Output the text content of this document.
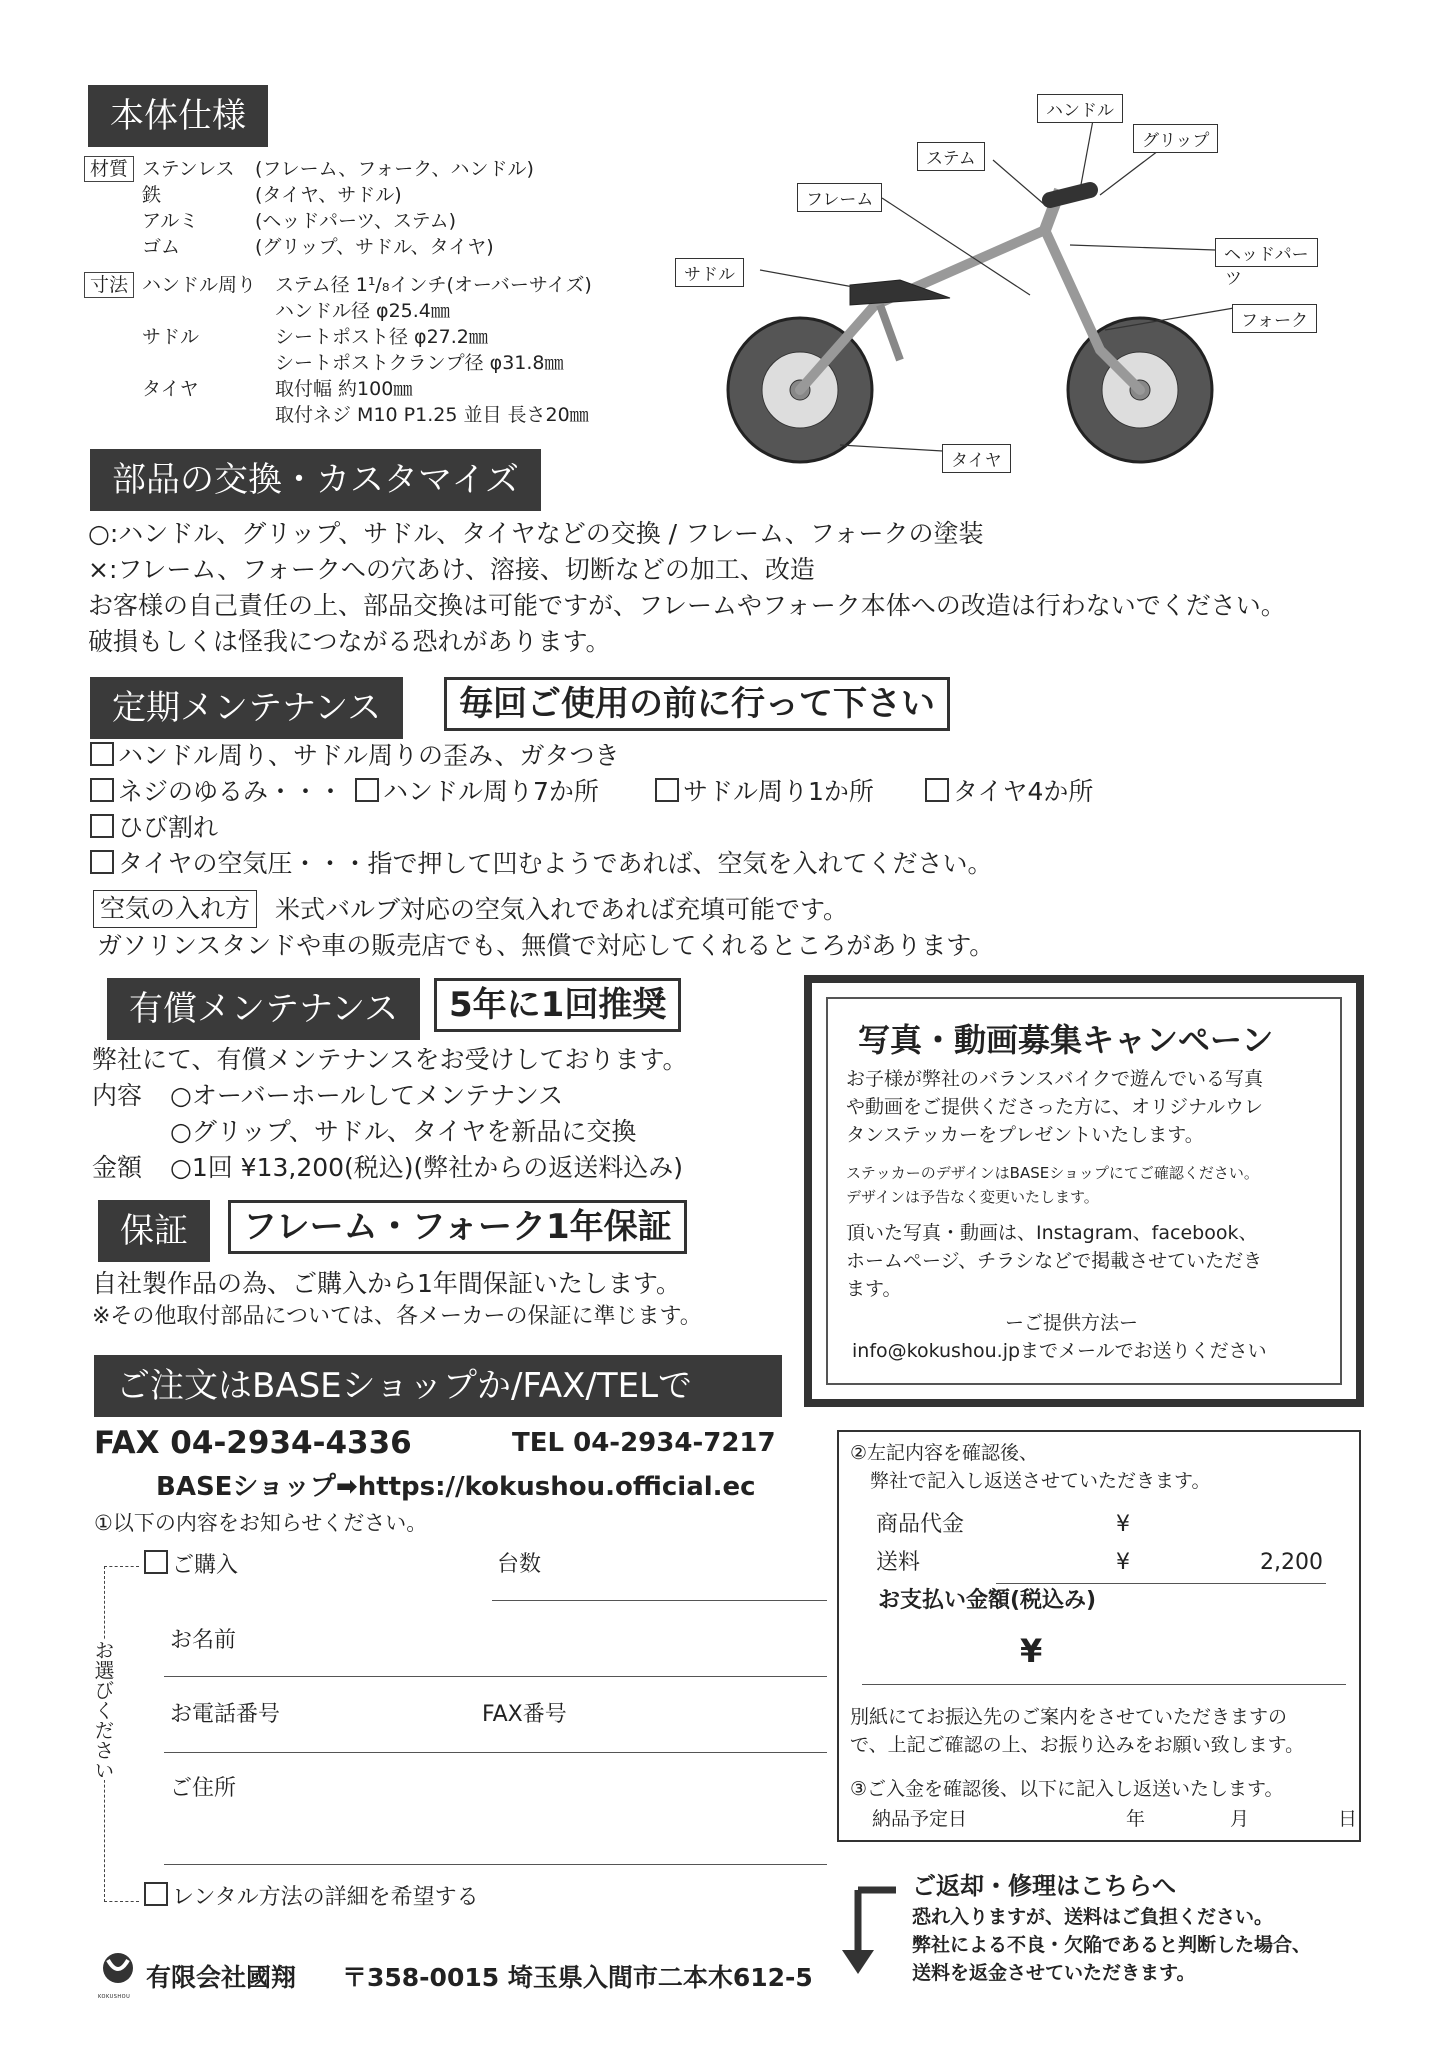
本体仕様
材質	ステンレス	(フレーム、フォーク、ハンドル)
	鉄	(タイヤ、サドル)
	アルミ	(ヘッドパーツ、ステム)
	ゴム	(グリップ、サドル、タイヤ)
寸法	ハンドル周り	ステム径 1¹/₈インチ(オーバーサイズ)
		ハンドル径 φ25.4㎜
	サドル	シートポスト径 φ27.2㎜
		シートポストクランプ径 φ31.8㎜
	タイヤ	取付幅 約100㎜
		取付ネジ M10 P1.25 並目 長さ20㎜
ハンドル
グリップ
ステム
フレーム
サドル
ヘッドパー
ツ
フォーク
タイヤ
部品の交換・カスタマイズ
○:ハンドル、グリップ、サドル、タイヤなどの交換 / フレーム、フォークの塗装
×:フレーム、フォークへの穴あけ、溶接、切断などの加工、改造
お客様の自己責任の上、部品交換は可能ですが、フレームやフォーク本体への改造は行わないでください。
破損もしくは怪我につながる恐れがあります。
定期メンテナンス	毎回ご使用の前に行って下さい
ハンドル周り、サドル周りの歪み、ガタつき
ネジのゆるみ・・・	ハンドル周り7か所	サドル周り1か所	タイヤ4か所
ひび割れ
タイヤの空気圧・・・指で押して凹むようであれば、空気を入れてください。
空気の入れ方 米式バルブ対応の空気入れであれば充填可能です。
ガソリンスタンドや車の販売店でも、無償で対応してくれるところがあります。
有償メンテナンス	5年に1回推奨
弊社にて、有償メンテナンスをお受けしております。
内容 ○オーバーホールしてメンテナンス
○グリップ、サドル、タイヤを新品に交換
金額 ○1回 ¥13,200(税込)(弊社からの返送料込み)
保証	フレーム・フォーク1年保証
自社製作品の為、ご購入から1年間保証いたします。
※その他取付部品については、各メーカーの保証に準じます。
写真・動画募集キャンペーン
お子様が弊社のバランスバイクで遊んでいる写真
や動画をご提供くださった方に、オリジナルウレ
タンステッカーをプレゼントいたします。
ステッカーのデザインはBASEショップにてご確認ください。
デザインは予告なく変更いたします。
頂いた写真・動画は、Instagram、facebook、
ホームページ、チラシなどで掲載させていただき
ます。
ーご提供方法ー
info@kokushou.jpまでメールでお送りください
ご注文はBASEショップか/FAX/TELで
FAX 04-2934-4336	TEL 04-2934-7217
BASEショップ➡https://kokushou.official.ec
①以下の内容をお知らせください。
お選びください
ご購入	台数
お名前
お電話番号	FAX番号
ご住所
レンタル方法の詳細を希望する
②左記内容を確認後、
弊社で記入し返送させていただきます。
商品代金	¥
送料	¥	2,200
お支払い金額(税込み)
¥
別紙にてお振込先のご案内をさせていただきますの
で、上記ご確認の上、お振り込みをお願い致します。
③ご入金を確認後、以下に記入し返送いたします。
納品予定日	年	月	日
ご返却・修理はこちらへ
恐れ入りますが、送料はご負担ください。
弊社による不良・欠陥であると判断した場合、
送料を返金させていただきます。
KOKUSHOU
有限会社國翔 〒358-0015 埼玉県入間市二本木612-5
